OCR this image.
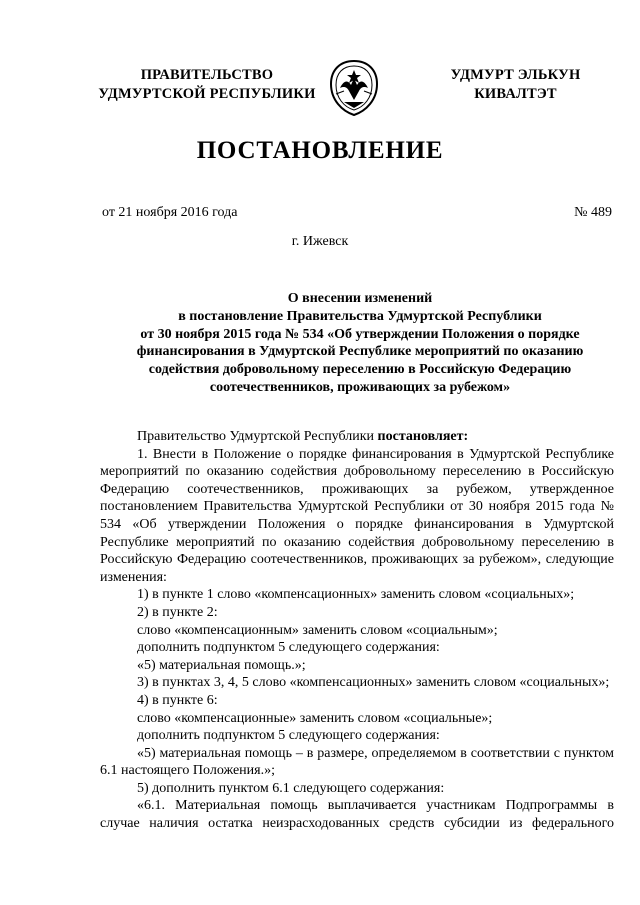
ПРАВИТЕЛЬСТВО
УДМУРТСКОЙ РЕСПУБЛИКИ
УДМУРТ ЭЛЬКУН
КИВАЛТЭТ
ПОСТАНОВЛЕНИЕ
от 21 ноября 2016 года	№ 489
г. Ижевск
О внесении изменений
в постановление Правительства Удмуртской Республики
от 30 ноября 2015 года № 534 «Об утверждении Положения о порядке
финансирования в Удмуртской Республике мероприятий по оказанию
содействия добровольному переселению в Российскую Федерацию
соотечественников, проживающих за рубежом»

Правительство Удмуртской Республики постановляет:

1. Внести в Положение о порядке финансирования в Удмуртской Республике мероприятий по оказанию содействия добровольному переселению в Российскую Федерацию соотечественников, проживающих за рубежом, утвержденное постановлением Правительства Удмуртской Республики от 30 ноября 2015 года № 534 «Об утверждении Положения о порядке финансирования в Удмуртской Республике мероприятий по оказанию содействия добровольному переселению в Российскую Федерацию соотечественников, проживающих за рубежом», следующие изменения:

1) в пункте 1 слово «компенсационных» заменить словом «социальных»;

2) в пункте 2:

слово «компенсационным» заменить словом «социальным»;

дополнить подпунктом 5 следующего содержания:

«5) материальная помощь.»;

3) в пунктах 3, 4, 5 слово «компенсационных» заменить словом «социальных»;

4) в пункте 6:

слово «компенсационные» заменить словом «социальные»;

дополнить подпунктом 5 следующего содержания:

«5) материальная помощь – в размере, определяемом в соответствии с пунктом 6.1 настоящего Положения.»;

5) дополнить пунктом 6.1 следующего содержания:

«6.1. Материальная помощь выплачивается участникам Подпрограммы в случае наличия остатка неизрасходованных средств субсидии из федерального
